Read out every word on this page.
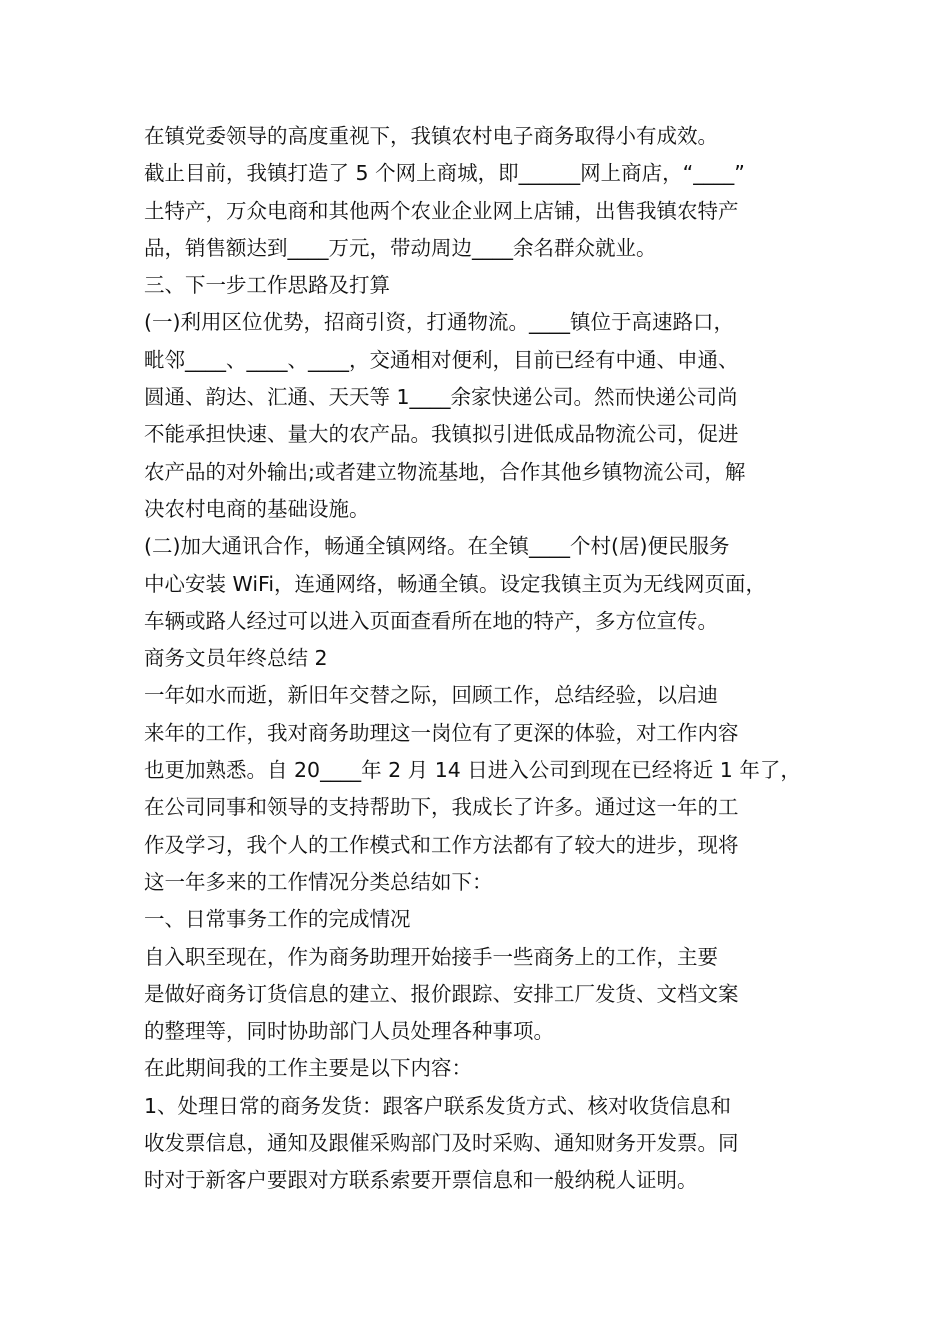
在镇党委领导的高度重视下，我镇农村电子商务取得小有成效。
截止目前，我镇打造了 5 个网上商城，即______网上商店，“____”
土特产，万众电商和其他两个农业企业网上店铺，出售我镇农特产
品，销售额达到____万元，带动周边____余名群众就业。
三、下一步工作思路及打算
(一)利用区位优势，招商引资，打通物流。____镇位于高速路口，
毗邻____、____、____，交通相对便利，目前已经有中通、申通、
圆通、韵达、汇通、天天等 1____余家快递公司。然而快递公司尚
不能承担快速、量大的农产品。我镇拟引进低成品物流公司，促进
农产品的对外输出;或者建立物流基地，合作其他乡镇物流公司，解
决农村电商的基础设施。
(二)加大通讯合作，畅通全镇网络。在全镇____个村(居)便民服务
中心安装 WiFi，连通网络，畅通全镇。设定我镇主页为无线网页面，
车辆或路人经过可以进入页面查看所在地的特产，多方位宣传。
商务文员年终总结 2
一年如水而逝，新旧年交替之际，回顾工作，总结经验，以启迪
来年的工作，我对商务助理这一岗位有了更深的体验，对工作内容
也更加熟悉。自 20____年 2 月 14 日进入公司到现在已经将近 1 年了，
在公司同事和领导的支持帮助下，我成长了许多。通过这一年的工
作及学习，我个人的工作模式和工作方法都有了较大的进步，现将
这一年多来的工作情况分类总结如下：
一、日常事务工作的完成情况
自入职至现在，作为商务助理开始接手一些商务上的工作，主要
是做好商务订货信息的建立、报价跟踪、安排工厂发货、文档文案
的整理等，同时协助部门人员处理各种事项。
在此期间我的工作主要是以下内容：
1、处理日常的商务发货：跟客户联系发货方式、核对收货信息和
收发票信息，通知及跟催采购部门及时采购、通知财务开发票。同
时对于新客户要跟对方联系索要开票信息和一般纳税人证明。
